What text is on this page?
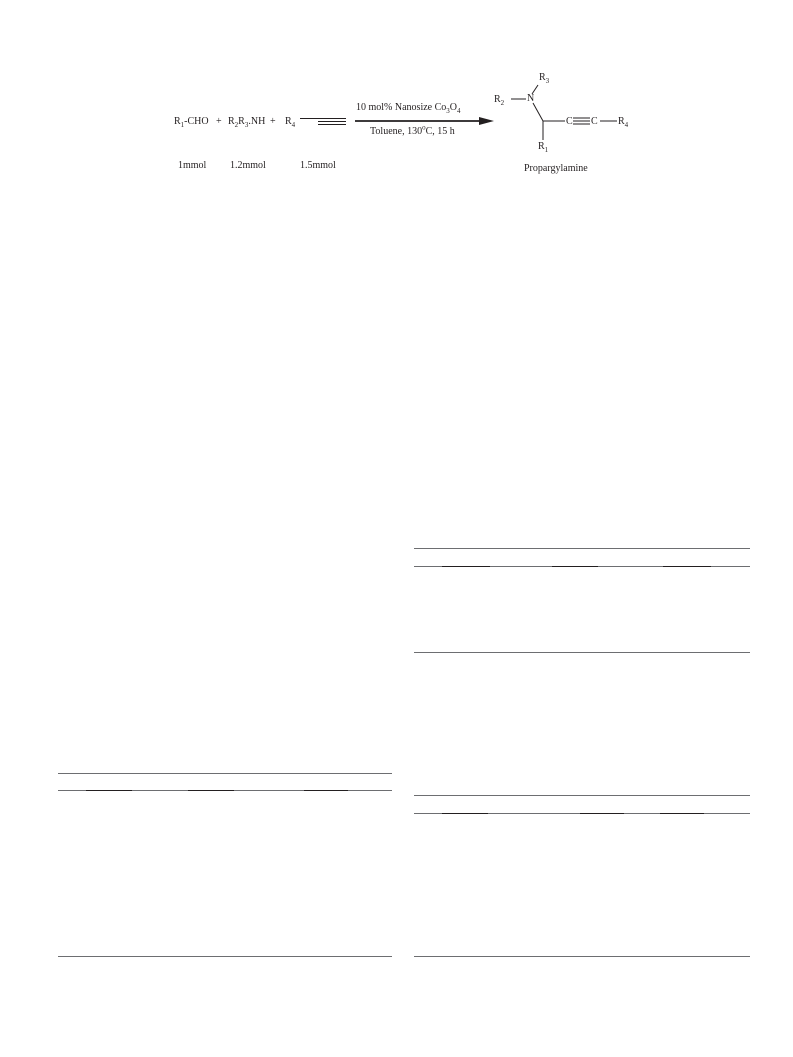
$R_1$-CHO + $R_2R_3.NH + R_4$
10 mol% Nanosize $Co_3O_4$
Toluene, 130$^o$C, 15 h
1mmol 1.2mmol	1.5mmol
$R_3$
$R_2$ N
C C $R_4$
$R_1$
Propargylamine
